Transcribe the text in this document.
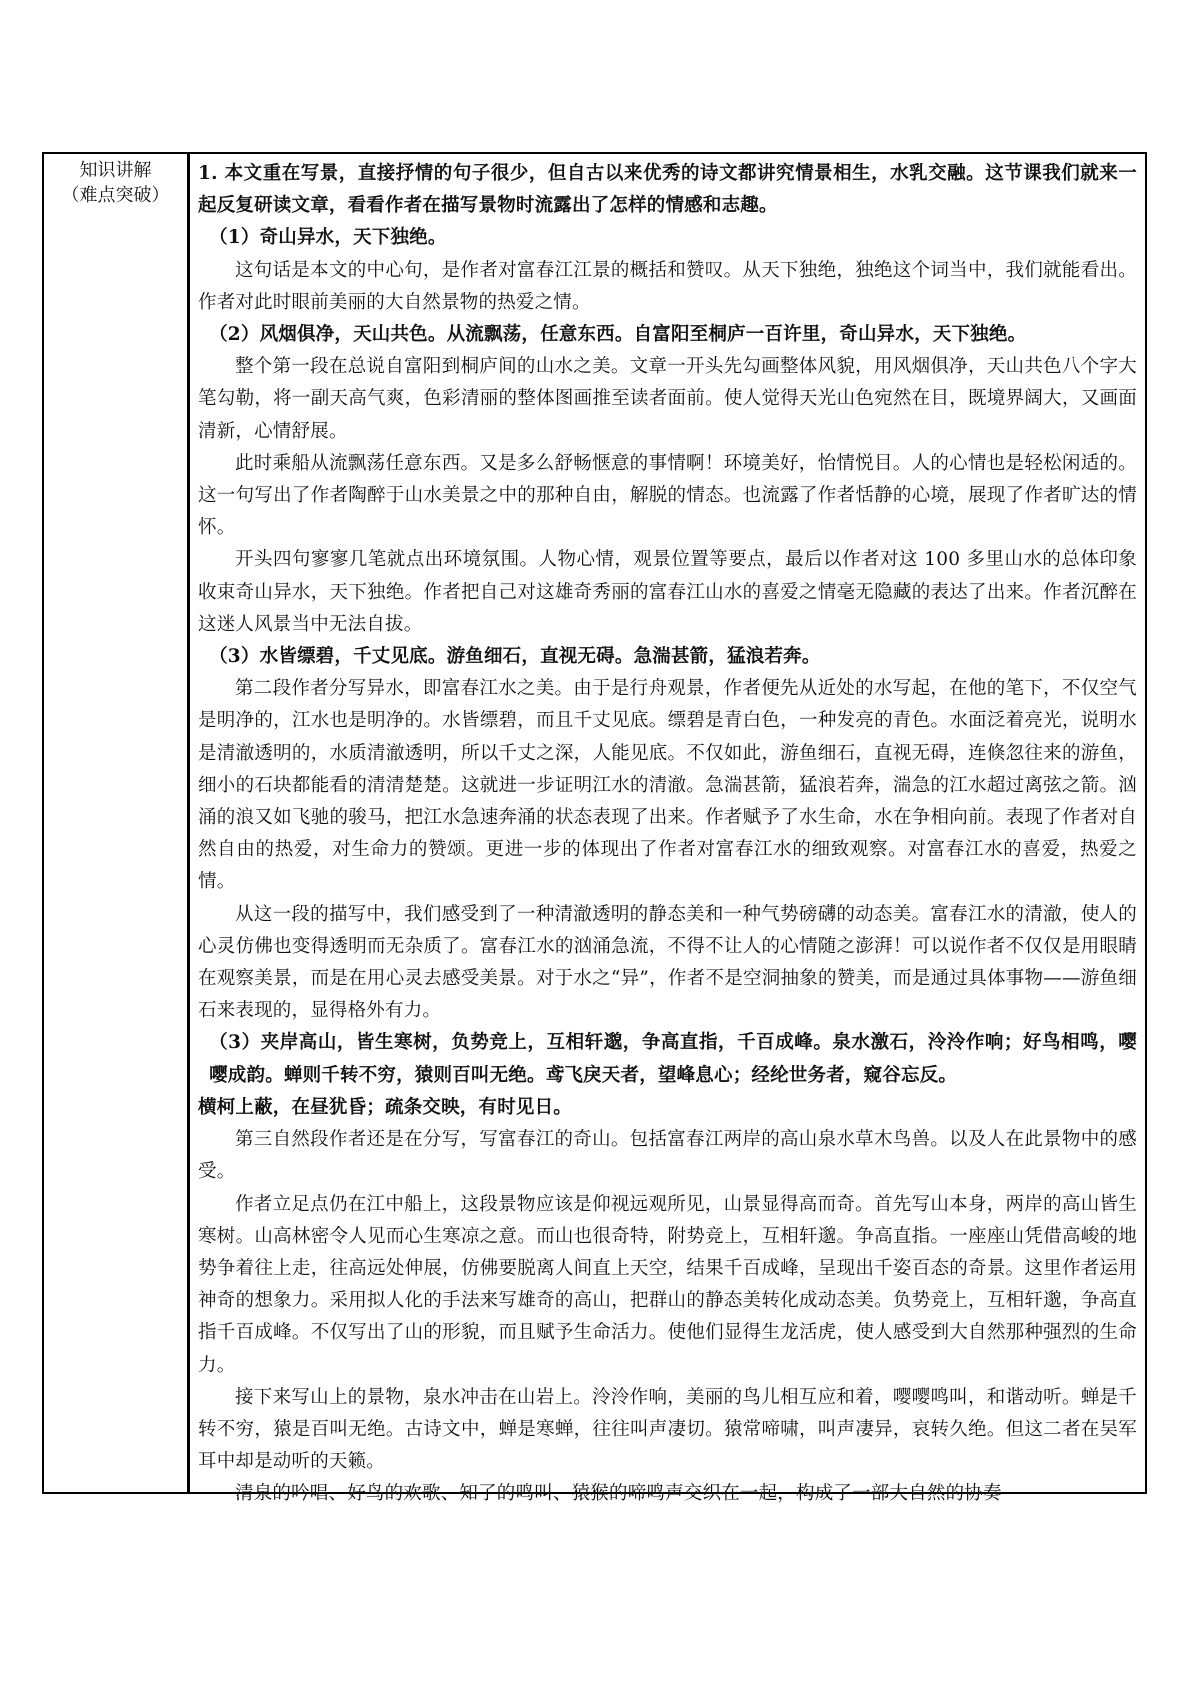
知识讲解
（难点突破）

1. 本文重在写景，直接抒情的句子很少，但自古以来优秀的诗文都讲究情景相生，水乳交融。这节课我们就来一起反复研读文章，看看作者在描写景物时流露出了怎样的情感和志趣。

（1）奇山异水，天下独绝。

这句话是本文的中心句，是作者对富春江江景的概括和赞叹。从天下独绝，独绝这个词当中，我们就能看出。作者对此时眼前美丽的大自然景物的热爱之情。

（2）风烟俱净，天山共色。从流飘荡，任意东西。自富阳至桐庐一百许里，奇山异水，天下独绝。

整个第一段在总说自富阳到桐庐间的山水之美。文章一开头先勾画整体风貌，用风烟俱净，天山共色八个字大笔勾勒，将一副天高气爽，色彩清丽的整体图画推至读者面前。使人觉得天光山色宛然在目，既境界阔大，又画面清新，心情舒展。

此时乘船从流飘荡任意东西。又是多么舒畅惬意的事情啊！环境美好，怡情悦目。人的心情也是轻松闲适的。这一句写出了作者陶醉于山水美景之中的那种自由，解脱的情态。也流露了作者恬静的心境，展现了作者旷达的情怀。

开头四句寥寥几笔就点出环境氛围。人物心情，观景位置等要点，最后以作者对这 100 多里山水的总体印象收束奇山异水，天下独绝。作者把自己对这雄奇秀丽的富春江山水的喜爱之情毫无隐藏的表达了出来。作者沉醉在这迷人风景当中无法自拔。

（3）水皆缥碧，千丈见底。游鱼细石，直视无碍。急湍甚箭，猛浪若奔。

第二段作者分写异水，即富春江水之美。由于是行舟观景，作者便先从近处的水写起，在他的笔下，不仅空气是明净的，江水也是明净的。水皆缥碧，而且千丈见底。缥碧是青白色，一种发亮的青色。水面泛着亮光，说明水是清澈透明的，水质清澈透明，所以千丈之深，人能见底。不仅如此，游鱼细石，直视无碍，连倏忽往来的游鱼，细小的石块都能看的清清楚楚。这就进一步证明江水的清澈。急湍甚箭，猛浪若奔，湍急的江水超过离弦之箭。汹涌的浪又如飞驰的骏马，把江水急速奔涌的状态表现了出来。作者赋予了水生命，水在争相向前。表现了作者对自然自由的热爱，对生命力的赞颂。更进一步的体现出了作者对富春江水的细致观察。对富春江水的喜爱，热爱之情。

从这一段的描写中，我们感受到了一种清澈透明的静态美和一种气势磅礴的动态美。富春江水的清澈，使人的心灵仿佛也变得透明而无杂质了。富春江水的汹涌急流，不得不让人的心情随之澎湃！可以说作者不仅仅是用眼睛在观察美景，而是在用心灵去感受美景。对于水之“异”，作者不是空洞抽象的赞美，而是通过具体事物——游鱼细石来表现的，显得格外有力。

（3）夹岸高山，皆生寒树，负势竞上，互相轩邈，争高直指，千百成峰。泉水激石，泠泠作响；好鸟相鸣，嘤嘤成韵。蝉则千转不穷，猿则百叫无绝。鸢飞戾天者，望峰息心；经纶世务者，窥谷忘反。

横柯上蔽，在昼犹昏；疏条交映，有时见日。

第三自然段作者还是在分写，写富春江的奇山。包括富春江两岸的高山泉水草木鸟兽。以及人在此景物中的感受。

作者立足点仍在江中船上，这段景物应该是仰视远观所见，山景显得高而奇。首先写山本身，两岸的高山皆生寒树。山高林密令人见而心生寒凉之意。而山也很奇特，附势竞上，互相轩邈。争高直指。一座座山凭借高峻的地势争着往上走，往高远处伸展，仿佛要脱离人间直上天空，结果千百成峰，呈现出千姿百态的奇景。这里作者运用神奇的想象力。采用拟人化的手法来写雄奇的高山，把群山的静态美转化成动态美。负势竞上，互相轩邈，争高直指千百成峰。不仅写出了山的形貌，而且赋予生命活力。使他们显得生龙活虎，使人感受到大自然那种强烈的生命力。

接下来写山上的景物，泉水冲击在山岩上。泠泠作响，美丽的鸟儿相互应和着，嘤嘤鸣叫，和谐动听。蝉是千转不穷，猿是百叫无绝。古诗文中，蝉是寒蝉，往往叫声凄切。猿常啼啸，叫声凄异，哀转久绝。但这二者在吴军耳中却是动听的天籁。

清泉的吟唱、好鸟的欢歌、知了的鸣叫、猿猴的啼鸣声交织在一起，构成了一部大自然的协奏
